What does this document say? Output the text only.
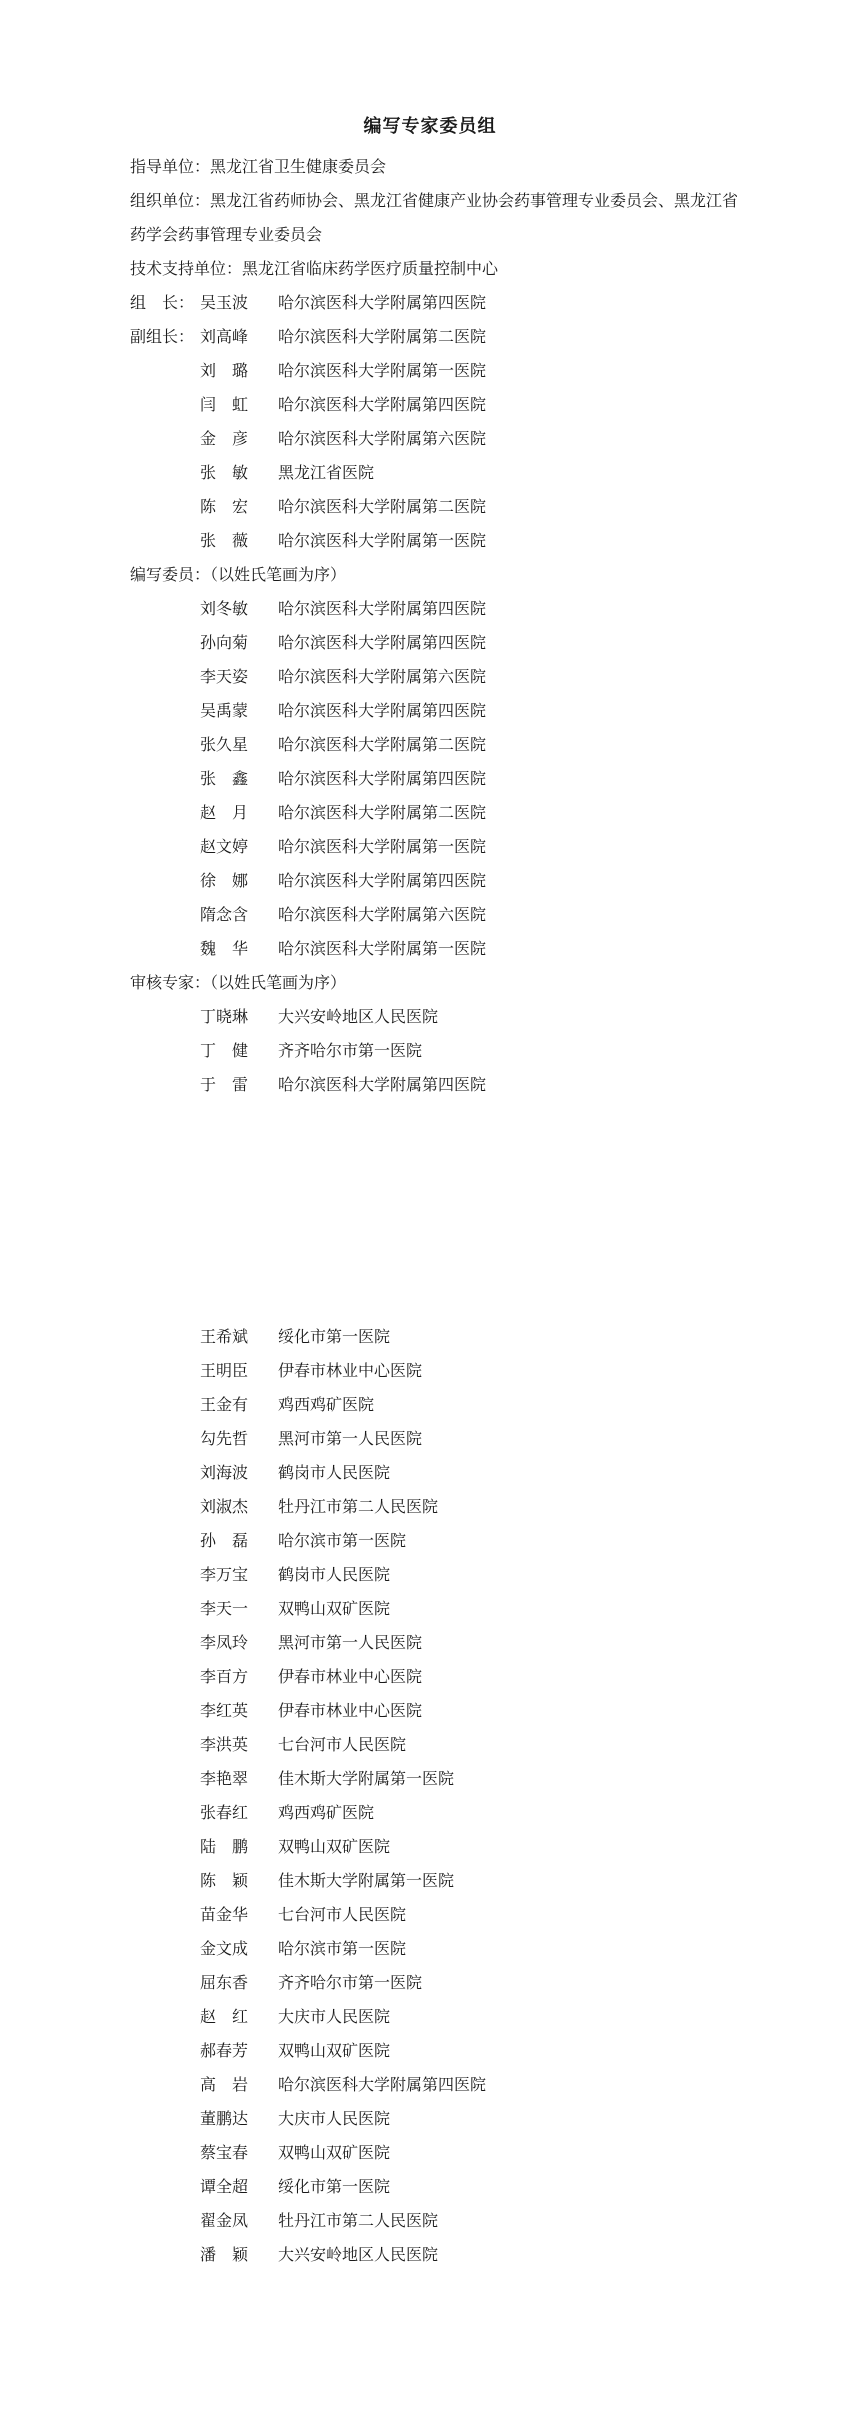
编写专家委员组
指导单位：黑龙江省卫生健康委员会
组织单位：黑龙江省药师协会、黑龙江省健康产业协会药事管理专业委员会、黑龙江省药学会药事管理专业委员会
技术支持单位：黑龙江省临床药学医疗质量控制中心
组　长： 吴玉波	哈尔滨医科大学附属第四医院
副组长： 刘高峰	哈尔滨医科大学附属第二医院
刘　璐	哈尔滨医科大学附属第一医院
闫　虹	哈尔滨医科大学附属第四医院
金　彦	哈尔滨医科大学附属第六医院
张　敏	黑龙江省医院
陈　宏	哈尔滨医科大学附属第二医院
张　薇	哈尔滨医科大学附属第一医院
编写委员：（以姓氏笔画为序）
刘冬敏	哈尔滨医科大学附属第四医院
孙向菊	哈尔滨医科大学附属第四医院
李天姿	哈尔滨医科大学附属第六医院
吴禹蒙	哈尔滨医科大学附属第四医院
张久星	哈尔滨医科大学附属第二医院
张　鑫	哈尔滨医科大学附属第四医院
赵　月	哈尔滨医科大学附属第二医院
赵文婷	哈尔滨医科大学附属第一医院
徐　娜	哈尔滨医科大学附属第四医院
隋念含	哈尔滨医科大学附属第六医院
魏　华	哈尔滨医科大学附属第一医院
审核专家：（以姓氏笔画为序）
丁晓琳	大兴安岭地区人民医院
丁　健	齐齐哈尔市第一医院
于　雷	哈尔滨医科大学附属第四医院
王希斌	绥化市第一医院
王明臣	伊春市林业中心医院
王金有	鸡西鸡矿医院
勾先哲	黑河市第一人民医院
刘海波	鹤岗市人民医院
刘淑杰	牡丹江市第二人民医院
孙　磊	哈尔滨市第一医院
李万宝	鹤岗市人民医院
李天一	双鸭山双矿医院
李凤玲	黑河市第一人民医院
李百方	伊春市林业中心医院
李红英	伊春市林业中心医院
李洪英	七台河市人民医院
李艳翠	佳木斯大学附属第一医院
张春红	鸡西鸡矿医院
陆　鹏	双鸭山双矿医院
陈　颖	佳木斯大学附属第一医院
苗金华	七台河市人民医院
金文成	哈尔滨市第一医院
屈东香	齐齐哈尔市第一医院
赵　红	大庆市人民医院
郝春芳	双鸭山双矿医院
高　岩	哈尔滨医科大学附属第四医院
董鹏达	大庆市人民医院
蔡宝春	双鸭山双矿医院
谭全超	绥化市第一医院
翟金凤	牡丹江市第二人民医院
潘　颖	大兴安岭地区人民医院
